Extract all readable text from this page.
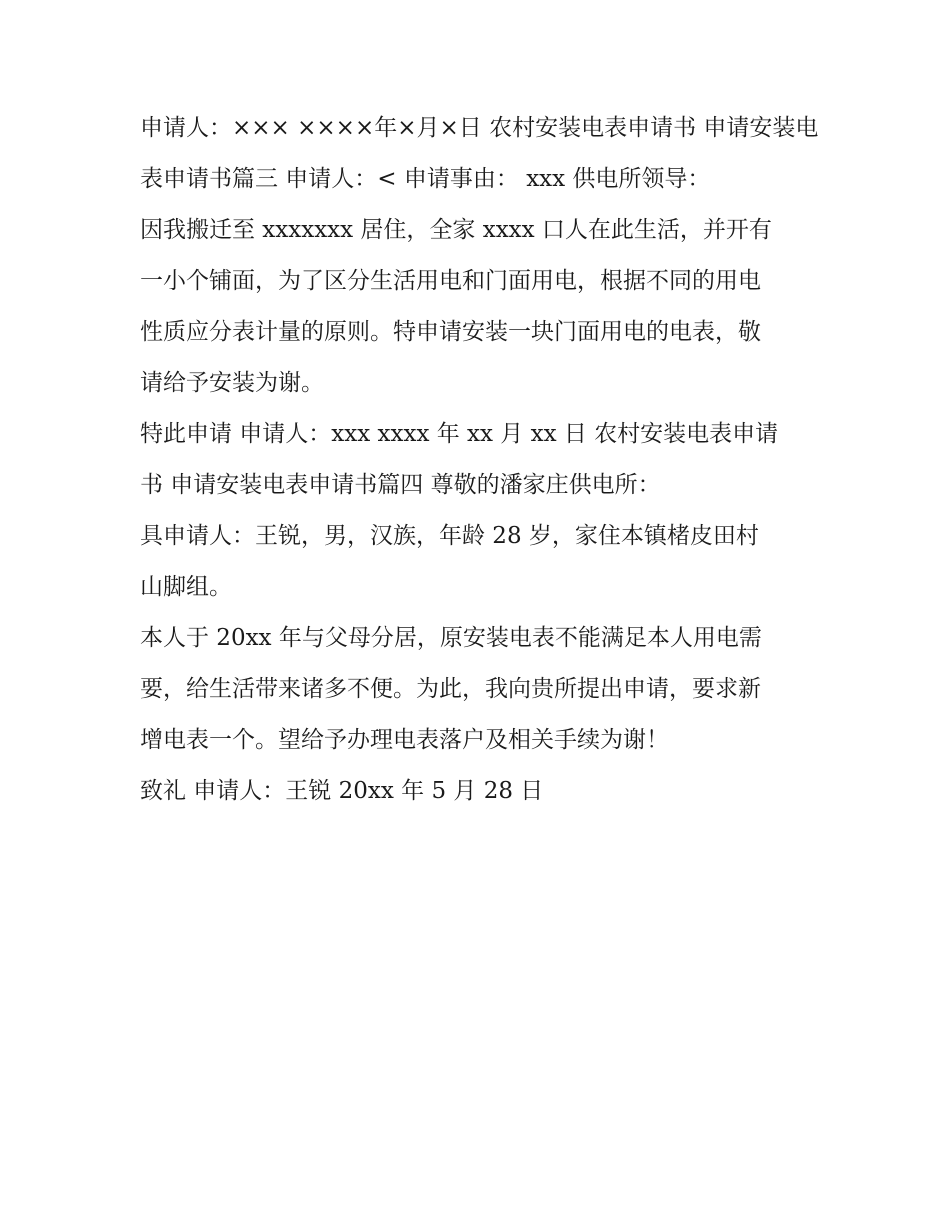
申请人：××× ××××年×月×日 农村安装电表申请书 申请安装电
表申请书篇三 申请人：< 申请事由： xxx 供电所领导：
因我搬迁至 xxxxxxx 居住，全家 xxxx 口人在此生活，并开有
一小个铺面，为了区分生活用电和门面用电，根据不同的用电
性质应分表计量的原则。特申请安装一块门面用电的电表，敬
请给予安装为谢。
特此申请 申请人：xxx xxxx 年 xx 月 xx 日 农村安装电表申请
书 申请安装电表申请书篇四 尊敬的潘家庄供电所：
具申请人：王锐，男，汉族，年龄 28 岁，家住本镇楮皮田村
山脚组。
本人于 20xx 年与父母分居，原安装电表不能满足本人用电需
要，给生活带来诸多不便。为此，我向贵所提出申请，要求新
增电表一个。望给予办理电表落户及相关手续为谢！
致礼 申请人：王锐 20xx 年 5 月 28 日
